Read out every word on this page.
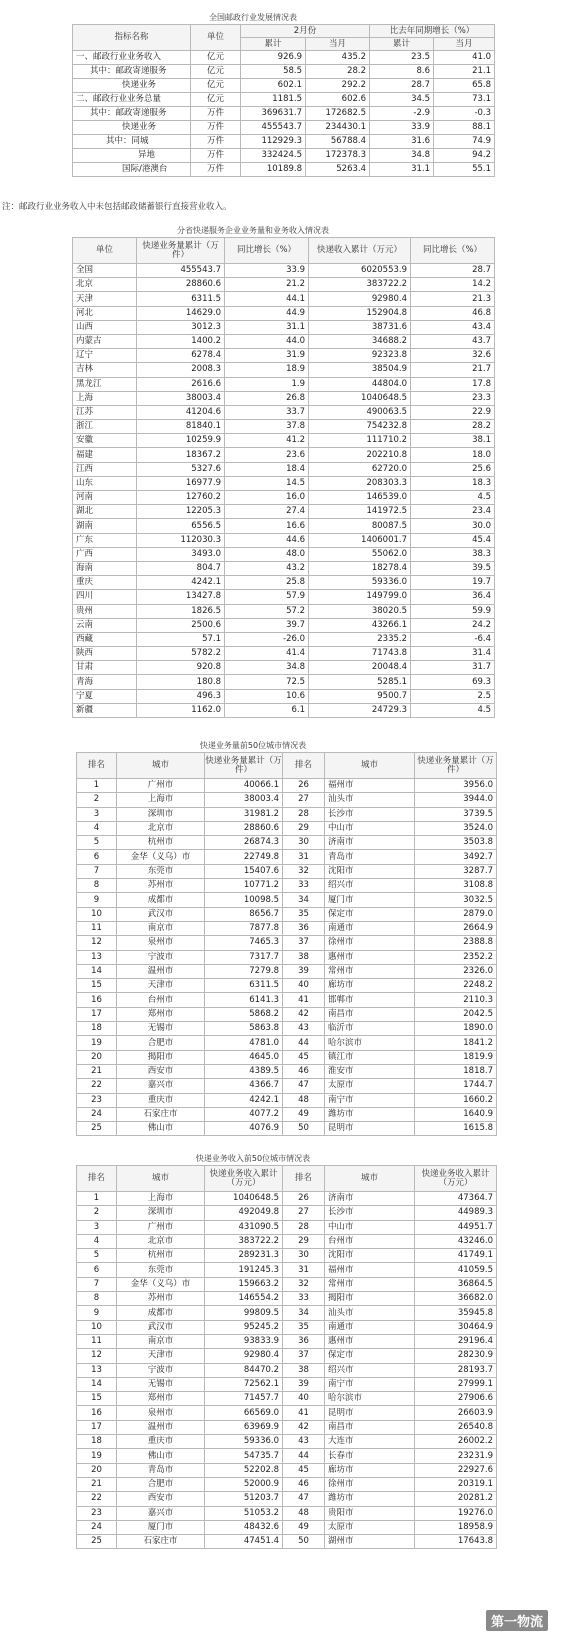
全国邮政行业发展情况表
指标名称	单位	2月份		比去年同期增长（%）	
		累计	当月	累计	当月
一、邮政行业业务收入	亿元	926.9	435.2	23.5	41.0
其中：邮政寄递服务	亿元	58.5	28.2	8.6	21.1
快递业务	亿元	602.1	292.2	28.7	65.8
二、邮政行业业务总量	亿元	1181.5	602.6	34.5	73.1
其中：邮政寄递服务	万件	369631.7	172682.5	-2.9	-0.3
快递业务	万件	455543.7	234430.1	33.9	88.1
其中：同城	万件	112929.3	56788.4	31.6	74.9
异地	万件	332424.5	172378.3	34.8	94.2
国际/港澳台	万件	10189.8	5263.4	31.1	55.1
注：邮政行业业务收入中未包括邮政储蓄银行直接营业收入。
分省快递服务企业业务量和业务收入情况表
单位	快递业务量累计（万件）	同比增长（%）	快递收入累计（万元）	同比增长（%）
全国	455543.7	33.9	6020553.9	28.7
北京	28860.6	21.2	383722.2	14.2
天津	6311.5	44.1	92980.4	21.3
河北	14629.0	44.9	152904.8	46.8
山西	3012.3	31.1	38731.6	43.4
内蒙古	1400.2	44.0	34688.2	43.7
辽宁	6278.4	31.9	92323.8	32.6
吉林	2008.3	18.9	38504.9	21.7
黑龙江	2616.6	1.9	44804.0	17.8
上海	38003.4	26.8	1040648.5	23.3
江苏	41204.6	33.7	490063.5	22.9
浙江	81840.1	37.8	754232.8	28.2
安徽	10259.9	41.2	111710.2	38.1
福建	18367.2	23.6	202210.8	18.0
江西	5327.6	18.4	62720.0	25.6
山东	16977.9	14.5	208303.3	18.3
河南	12760.2	16.0	146539.0	4.5
湖北	12205.3	27.4	141972.5	23.4
湖南	6556.5	16.6	80087.5	30.0
广东	112030.3	44.6	1406001.7	45.4
广西	3493.0	48.0	55062.0	38.3
海南	804.7	43.2	18278.4	39.5
重庆	4242.1	25.8	59336.0	19.7
四川	13427.8	57.9	149799.0	36.4
贵州	1826.5	57.2	38020.5	59.9
云南	2500.6	39.7	43266.1	24.2
西藏	57.1	-26.0	2335.2	-6.4
陕西	5782.2	41.4	71743.8	31.4
甘肃	920.8	34.8	20048.4	31.7
青海	180.8	72.5	5285.1	69.3
宁夏	496.3	10.6	9500.7	2.5
新疆	1162.0	6.1	24729.3	4.5
快递业务量前50位城市情况表
排名	城市	快递业务量累计（万件）	排名	城市	快递业务量累计（万件）
1	广州市	40066.1	26	福州市	3956.0
2	上海市	38003.4	27	汕头市	3944.0
3	深圳市	31981.2	28	长沙市	3739.5
4	北京市	28860.6	29	中山市	3524.0
5	杭州市	26874.3	30	济南市	3503.8
6	金华（义乌）市	22749.8	31	青岛市	3492.7
7	东莞市	15407.6	32	沈阳市	3287.7
8	苏州市	10771.2	33	绍兴市	3108.8
9	成都市	10098.5	34	厦门市	3032.5
10	武汉市	8656.7	35	保定市	2879.0
11	南京市	7877.8	36	南通市	2664.9
12	泉州市	7465.3	37	徐州市	2388.8
13	宁波市	7317.7	38	惠州市	2352.2
14	温州市	7279.8	39	常州市	2326.0
15	天津市	6311.5	40	廊坊市	2248.2
16	台州市	6141.3	41	邯郸市	2110.3
17	郑州市	5868.2	42	南昌市	2042.5
18	无锡市	5863.8	43	临沂市	1890.0
19	合肥市	4781.0	44	哈尔滨市	1841.2
20	揭阳市	4645.0	45	镇江市	1819.9
21	西安市	4389.5	46	淮安市	1818.7
22	嘉兴市	4366.7	47	太原市	1744.7
23	重庆市	4242.1	48	南宁市	1660.2
24	石家庄市	4077.2	49	潍坊市	1640.9
25	佛山市	4076.9	50	昆明市	1615.8
快递业务收入前50位城市情况表
排名	城市	快递业务收入累计（万元）	排名	城市	快递业务收入累计（万元）
1	上海市	1040648.5	26	济南市	47364.7
2	深圳市	492049.8	27	长沙市	44989.3
3	广州市	431090.5	28	中山市	44951.7
4	北京市	383722.2	29	台州市	43246.0
5	杭州市	289231.3	30	沈阳市	41749.1
6	东莞市	191245.3	31	福州市	41059.5
7	金华（义乌）市	159663.2	32	常州市	36864.5
8	苏州市	146554.2	33	揭阳市	36682.0
9	成都市	99809.5	34	汕头市	35945.8
10	武汉市	95245.2	35	南通市	30464.9
11	南京市	93833.9	36	惠州市	29196.4
12	天津市	92980.4	37	保定市	28230.9
13	宁波市	84470.2	38	绍兴市	28193.7
14	无锡市	72562.1	39	南宁市	27999.1
15	郑州市	71457.7	40	哈尔滨市	27906.6
16	泉州市	66569.0	41	昆明市	26603.9
17	温州市	63969.9	42	南昌市	26540.8
18	重庆市	59336.0	43	大连市	26002.2
19	佛山市	54735.7	44	长春市	23231.9
20	青岛市	52202.8	45	廊坊市	22927.6
21	合肥市	52000.9	46	徐州市	20319.1
22	西安市	51203.7	47	潍坊市	20281.2
23	嘉兴市	51053.2	48	贵阳市	19276.0
24	厦门市	48432.6	49	太原市	18958.9
25	石家庄市	47451.4	50	湖州市	17643.8
第一物流
